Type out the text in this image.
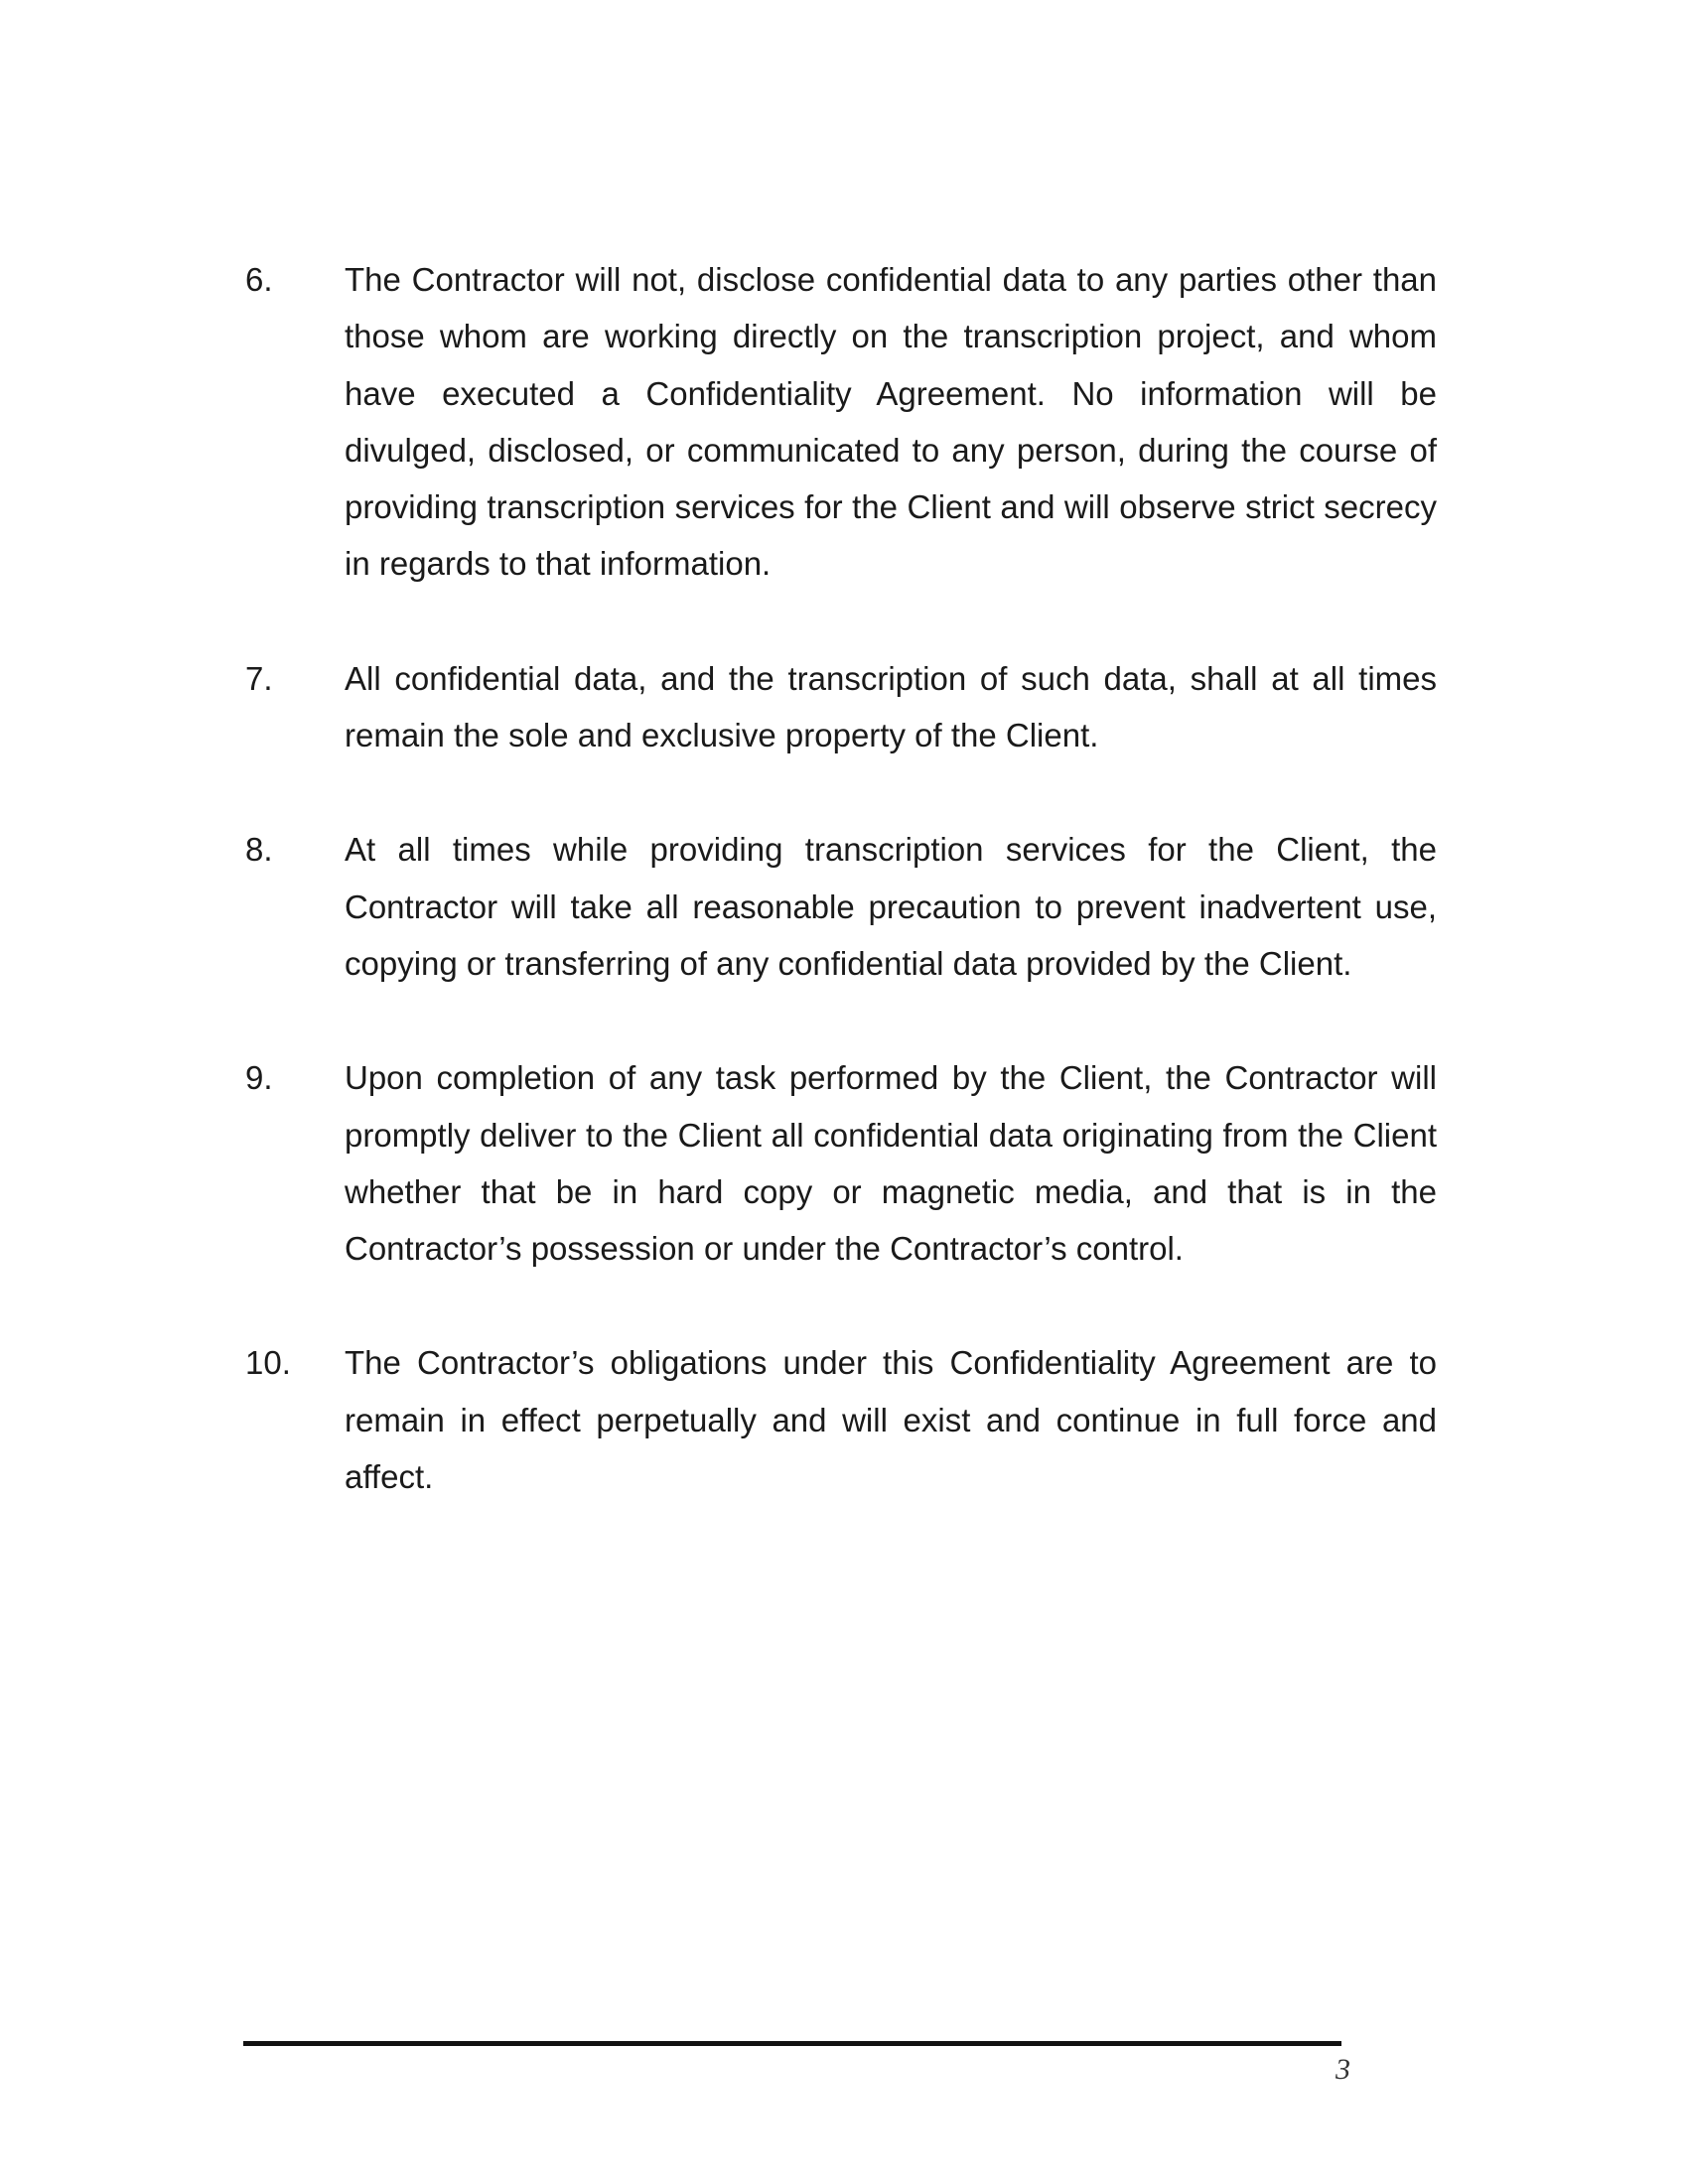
6.	The Contractor will not, disclose confidential data to any parties other than those whom are working directly on the transcription project, and whom have executed a Confidentiality Agreement. No information will be divulged, disclosed, or communicated to any person, during the course of providing transcription services for the Client and will observe strict secrecy in regards to that information.

7.	All confidential data, and the transcription of such data, shall at all times remain the sole and exclusive property of the Client.

8.	At all times while providing transcription services for the Client, the Contractor will take all reasonable precaution to prevent inadvertent use, copying or transferring of any confidential data provided by the Client.

9.	Upon completion of any task performed by the Client, the Contractor will promptly deliver to the Client all confidential data originating from the Client whether that be in hard copy or magnetic media, and that is in the Contractor’s possession or under the Contractor’s control.

10.	The Contractor’s obligations under this Confidentiality Agreement are to remain in effect perpetually and will exist and continue in full force and affect.

3
